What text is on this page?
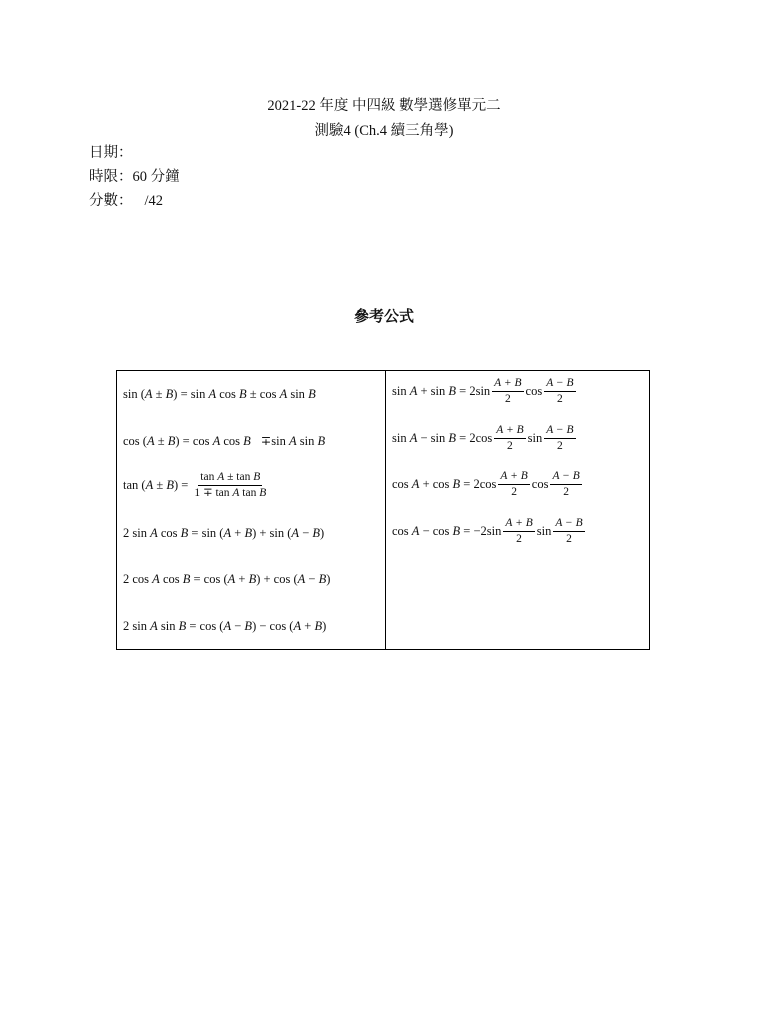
2021-22 年度 中四級 數學選修單元二
測驗4 (Ch.4 續三角學)
日期：
時限：60 分鐘
分數： /42
參考公式
sin ( A ± B ) = sin A cos B ± cos A sin B
cos ( A ± B ) = cos A cos B ∓ sin A sin B
tan ( A ± B ) = $\frac{\text{tan A ± tan B}}{\text{1 ∓ tan A tan B}}$
2 sin A cos B = sin ( A + B ) + sin ( A − B )
2 cos A cos B = cos ( A + B ) + cos ( A − B )
2 sin A sin B = cos ( A − B ) − cos ( A + B )
$\sin A + \sin B = 2\sin \frac{A + B}{2}$ $\cos \frac{A - B}{2}$
$\sin A - \sin B = 2\cos \frac{A + B}{2}$ $\sin \frac{A - B}{2}$
$\cos A + \cos B = 2\cos \frac{A + B}{2}$ $\cos \frac{A - B}{2}$
cos A − cos B = −2 $\sin \frac{A + B}{2}$ $\sin \frac{A - B}{2}$
